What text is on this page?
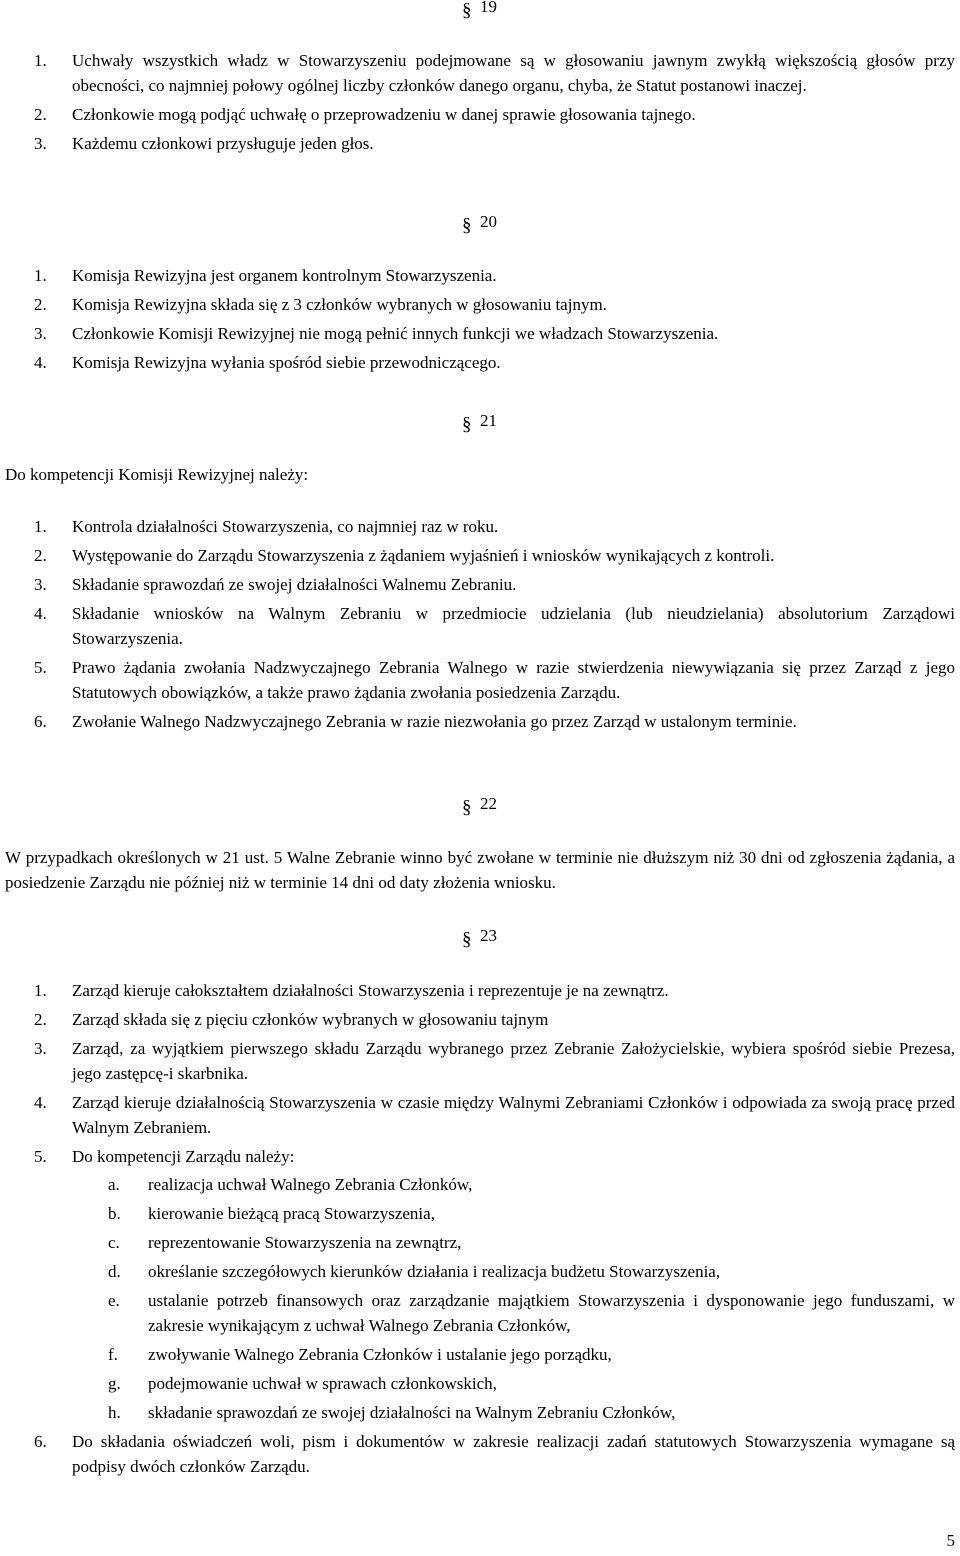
§ 19
1. Uchwały wszystkich władz w Stowarzyszeniu podejmowane są w głosowaniu jawnym zwykłą większością głosów przy obecności, co najmniej połowy ogólnej liczby członków danego organu, chyba, że Statut postanowi inaczej.
2. Członkowie mogą podjąć uchwałę o przeprowadzeniu w danej sprawie głosowania tajnego.
3. Każdemu członkowi przysługuje jeden głos.
§ 20
1. Komisja Rewizyjna jest organem kontrolnym Stowarzyszenia.
2. Komisja Rewizyjna składa się z 3 członków wybranych w głosowaniu tajnym.
3. Członkowie Komisji Rewizyjnej nie mogą pełnić innych funkcji we władzach Stowarzyszenia.
4. Komisja Rewizyjna wyłania spośród siebie przewodniczącego.
§ 21
Do kompetencji Komisji Rewizyjnej należy:
1. Kontrola działalności Stowarzyszenia, co najmniej raz w roku.
2. Występowanie do Zarządu Stowarzyszenia z żądaniem wyjaśnień i wniosków wynikających z kontroli.
3. Składanie sprawozdań ze swojej działalności Walnemu Zebraniu.
4. Składanie wniosków na Walnym Zebraniu w przedmiocie udzielania (lub nieudzielania) absolutorium Zarządowi Stowarzyszenia.
5. Prawo żądania zwołania Nadzwyczajnego Zebrania Walnego w razie stwierdzenia niewywiązania się przez Zarząd z jego Statutowych obowiązków, a także prawo żądania zwołania posiedzenia Zarządu.
6. Zwołanie Walnego Nadzwyczajnego Zebrania w razie niezwołania go przez Zarząd w ustalonym terminie.
§ 22
W przypadkach określonych w 21 ust. 5 Walne Zebranie winno być zwołane w terminie nie dłuższym niż 30 dni od zgłoszenia żądania, a posiedzenie Zarządu nie później niż w terminie 14 dni od daty złożenia wniosku.
§ 23
1. Zarząd kieruje całokształtem działalności Stowarzyszenia i reprezentuje je na zewnątrz.
2. Zarząd składa się z pięciu członków wybranych w głosowaniu tajnym
3. Zarząd, za wyjątkiem pierwszego składu Zarządu wybranego przez Zebranie Założycielskie, wybiera spośród siebie Prezesa, jego zastępcę-i skarbnika.
4. Zarząd kieruje działalnością Stowarzyszenia w czasie między Walnymi Zebraniami Członków i odpowiada za swoją pracę przed Walnym Zebraniem.
5. Do kompetencji Zarządu należy:
a. realizacja uchwał Walnego Zebrania Członków,
b. kierowanie bieżącą pracą Stowarzyszenia,
c. reprezentowanie Stowarzyszenia na zewnątrz,
d. określanie szczegółowych kierunków działania i realizacja budżetu Stowarzyszenia,
e. ustalanie potrzeb finansowych oraz zarządzanie majątkiem Stowarzyszenia i dysponowanie jego funduszami, w zakresie wynikającym z uchwał Walnego Zebrania Członków,
f. zwoływanie Walnego Zebrania Członków i ustalanie jego porządku,
g. podejmowanie uchwał w sprawach członkowskich,
h. składanie sprawozdań ze swojej działalności na Walnym Zebraniu Członków,
6. Do składania oświadczeń woli, pism i dokumentów w zakresie realizacji zadań statutowych Stowarzyszenia wymagane są podpisy dwóch członków Zarządu.
5
